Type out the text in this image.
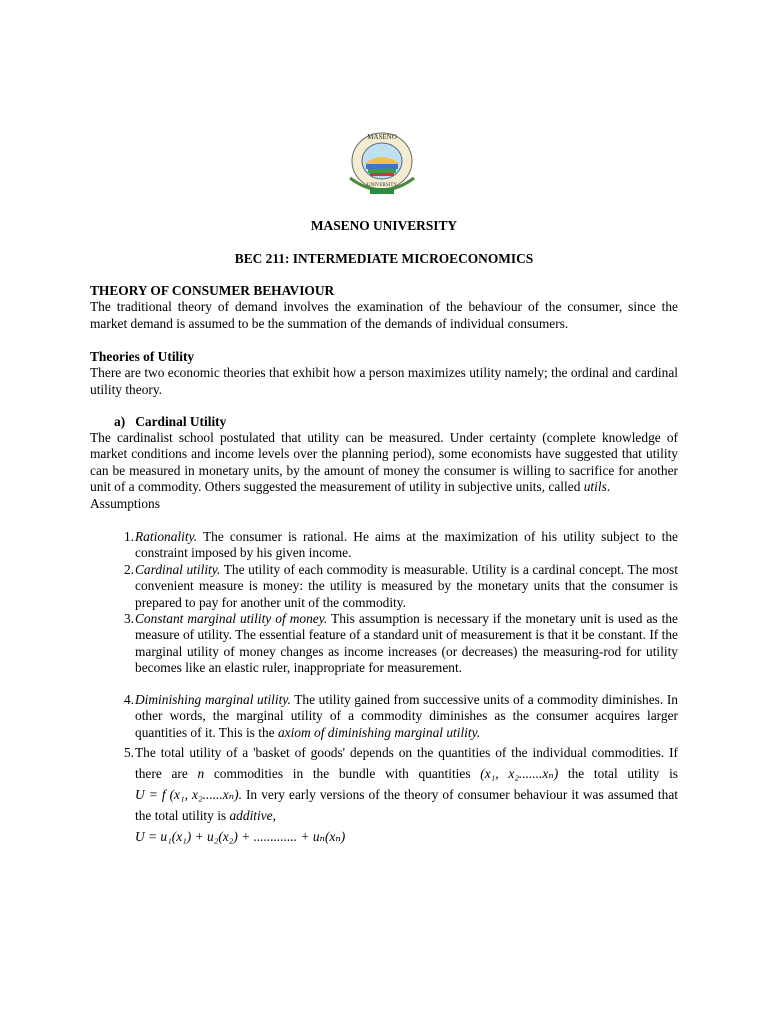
MASENO
UNIVERSITY
MASENO UNIVERSITY
BEC 211: INTERMEDIATE MICROECONOMICS
THEORY OF CONSUMER BEHAVIOUR
The traditional theory of demand involves the examination of the behaviour of the consumer, since the market demand is assumed to be the summation of the demands of individual consumers.
Theories of Utility
There are two economic theories that exhibit how a person maximizes utility namely; the ordinal and cardinal utility theory.
a)   Cardinal Utility
The cardinalist school postulated that utility can be measured. Under certainty (complete knowledge of market conditions and income levels over the planning period), some economists have suggested that utility can be measured in monetary units, by the amount of money the consumer is willing to sacrifice for another unit of a commodity. Others suggested the measurement of utility in subjective units, called utils.
Assumptions
1. Rationality. The consumer is rational. He aims at the maximization of his utility subject to the constraint imposed by his given income.
2. Cardinal utility. The utility of each commodity is measurable. Utility is a cardinal concept. The most convenient measure is money: the utility is measured by the monetary units that the consumer is prepared to pay for another unit of the commodity.
3. Constant marginal utility of money. This assumption is necessary if the monetary unit is used as the measure of utility. The essential feature of a standard unit of measurement is that it be constant. If the marginal utility of money changes as income increases (or decreases) the measuring-rod for utility becomes like an elastic ruler, inappropriate for measurement.
4. Diminishing marginal utility. The utility gained from successive units of a commodity diminishes. In other words, the marginal utility of a commodity diminishes as the consumer acquires larger quantities of it. This is the axiom of diminishing marginal utility.
5. The total utility of a 'basket of goods' depends on the quantities of the individual commodities. If there are n commodities in the bundle with quantities (x₁, x₂.......xₙ) the total utility is U = f (x₁, x₂......xₙ). In very early versions of the theory of consumer behaviour it was assumed that the total utility is additive,
U = u₁(x₁) + u₂(x₂) + ............. + uₙ(xₙ)
